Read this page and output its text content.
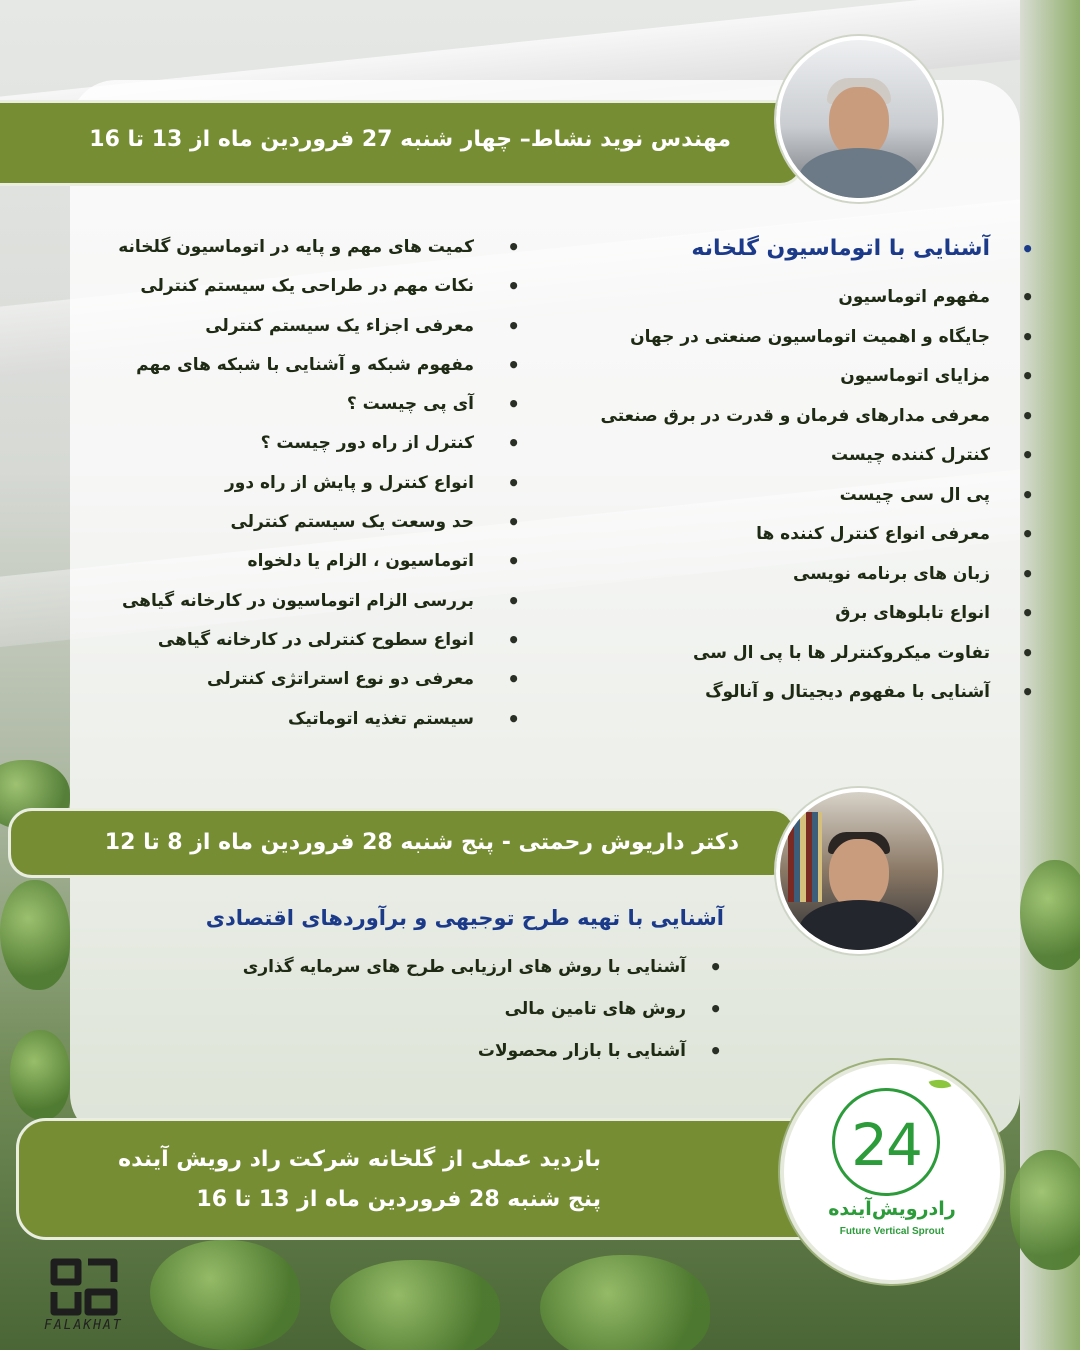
مهندس نوید نشاط– چهار شنبه 27 فروردین ماه از 13 تا 16
• آشنایی با اتوماسیون گلخانه
• مفهوم اتوماسیون
• جایگاه و اهمیت اتوماسیون صنعتی در جهان
• مزایای اتوماسیون
• معرفی مدارهای فرمان و قدرت در برق صنعتی
• کنترل کننده چیست
• پی ال سی چیست
• معرفی انواع کنترل کننده ها
• زبان های برنامه نویسی
• انواع تابلوهای برق
• تفاوت میکروکنترلر ها با پی ال سی
• آشنایی با مفهوم دیجیتال و آنالوگ
• کمیت های مهم و پایه در اتوماسیون گلخانه
• نکات مهم در طراحی یک سیستم کنترلی
• معرفی اجزاء یک سیستم کنترلی
• مفهوم شبکه و آشنایی با شبکه های مهم
• آی پی چیست ؟
• کنترل از راه دور چیست ؟
• انواع کنترل و پایش از راه دور
• حد وسعت یک سیستم کنترلی
• اتوماسیون ، الزام یا دلخواه
• بررسی الزام اتوماسیون در کارخانه گیاهی
• انواع سطوح کنترلی در کارخانه گیاهی
• معرفی دو نوع استراتژی کنترلی
• سیستم تغذیه اتوماتیک
دکتر داریوش رحمتی - پنج شنبه 28 فروردین ماه از 8 تا 12
آشنایی با تهیه طرح توجیهی و برآوردهای اقتصادی
• آشنایی با روش های ارزیابی طرح های سرمایه گذاری
• روش های تامین مالی
• آشنایی با بازار محصولات
بازدید عملی از گلخانه شرکت راد رویش آینده
پنج شنبه 28 فروردین ماه از 13 تا 16
24
رادرویش‌آینده
Future Vertical Sprout
FALAKHAT
